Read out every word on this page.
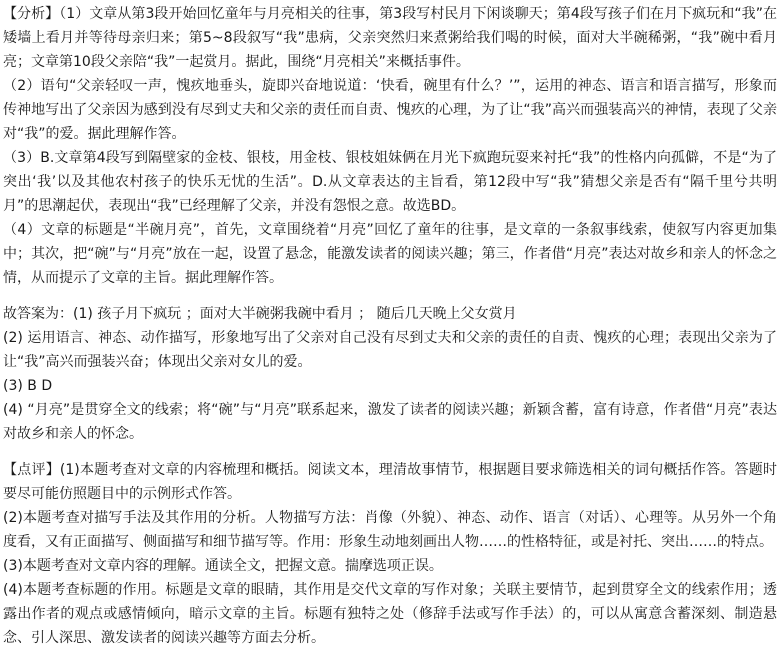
【分析】（1）文章从第3段开始回忆童年与月亮相关的往事，第3段写村民月下闲谈聊天；第4段写孩子们在月下疯玩和“我”在矮墙上看月并等待母亲归来；第5~8段叙写“我”患病，父亲突然归来煮粥给我们喝的时候，面对大半碗稀粥，“我”碗中看月亮；文章第10段父亲陪“我”一起赏月。据此，围绕“月亮相关”来概括事件。

（2）语句“父亲轻叹一声，愧疚地垂头，旋即兴奋地说道：‘快看，碗里有什么？’”，运用的神态、语言和语言描写，形象而传神地写出了父亲因为感到没有尽到丈夫和父亲的责任而自责、愧疚的心理，为了让“我”高兴而强装高兴的神情，表现了父亲对“我”的爱。据此理解作答。

（3）B.文章第4段写到隔壁家的金枝、银枝，用金枝、银枝姐妹俩在月光下疯跑玩耍来衬托“我”的性格内向孤僻，不是“为了突出‘我’以及其他农村孩子的快乐无忧的生活”。D.从文章表达的主旨看，第12段中写“我”猜想父亲是否有“隔千里兮共明月”的思潮起伏，表现出“我”已经理解了父亲，并没有怨恨之意。故选BD。

（4）文章的标题是“半碗月亮”，首先，文章围绕着“月亮”回忆了童年的往事，是文章的一条叙事线索，使叙写内容更加集中；其次，把“碗”与“月亮”放在一起，设置了悬念，能激发读者的阅读兴趣；第三，作者借“月亮”表达对故乡和亲人的怀念之情，从而提示了文章的主旨。据此理解作答。

故答案为：(1) 孩子月下疯玩 ；面对大半碗粥我碗中看月 ； 随后几天晚上父女赏月

(2) 运用语言、神态、动作描写，形象地写出了父亲对自己没有尽到丈夫和父亲的责任的自责、愧疚的心理；表现出父亲为了让“我”高兴而强装兴奋；体现出父亲对女儿的爱。

(3) B D

(4) “月亮”是贯穿全文的线索；将“碗”与“月亮”联系起来，激发了读者的阅读兴趣；新颖含蓄，富有诗意，作者借“月亮”表达对故乡和亲人的怀念。

【点评】(1)本题考查对文章的内容梳理和概括。阅读文本，理清故事情节，根据题目要求筛选相关的词句概括作答。答题时要尽可能仿照题目中的示例形式作答。

(2)本题考查对描写手法及其作用的分析。人物描写方法：肖像（外貌）、神态、动作、语言（对话）、心理等。从另外一个角度看，又有正面描写、侧面描写和细节描写等。作用：形象生动地刻画出人物……的性格特征，或是衬托、突出……的特点。

(3)本题考查对文章内容的理解。通读全文，把握文意。揣摩选项正误。

(4)本题考查标题的作用。标题是文章的眼睛，其作用是交代文章的写作对象；关联主要情节，起到贯穿全文的线索作用；透露出作者的观点或感情倾向，暗示文章的主旨。标题有独特之处（修辞手法或写作手法）的，可以从寓意含蓄深刻、制造悬念、引人深思、激发读者的阅读兴趣等方面去分析。
